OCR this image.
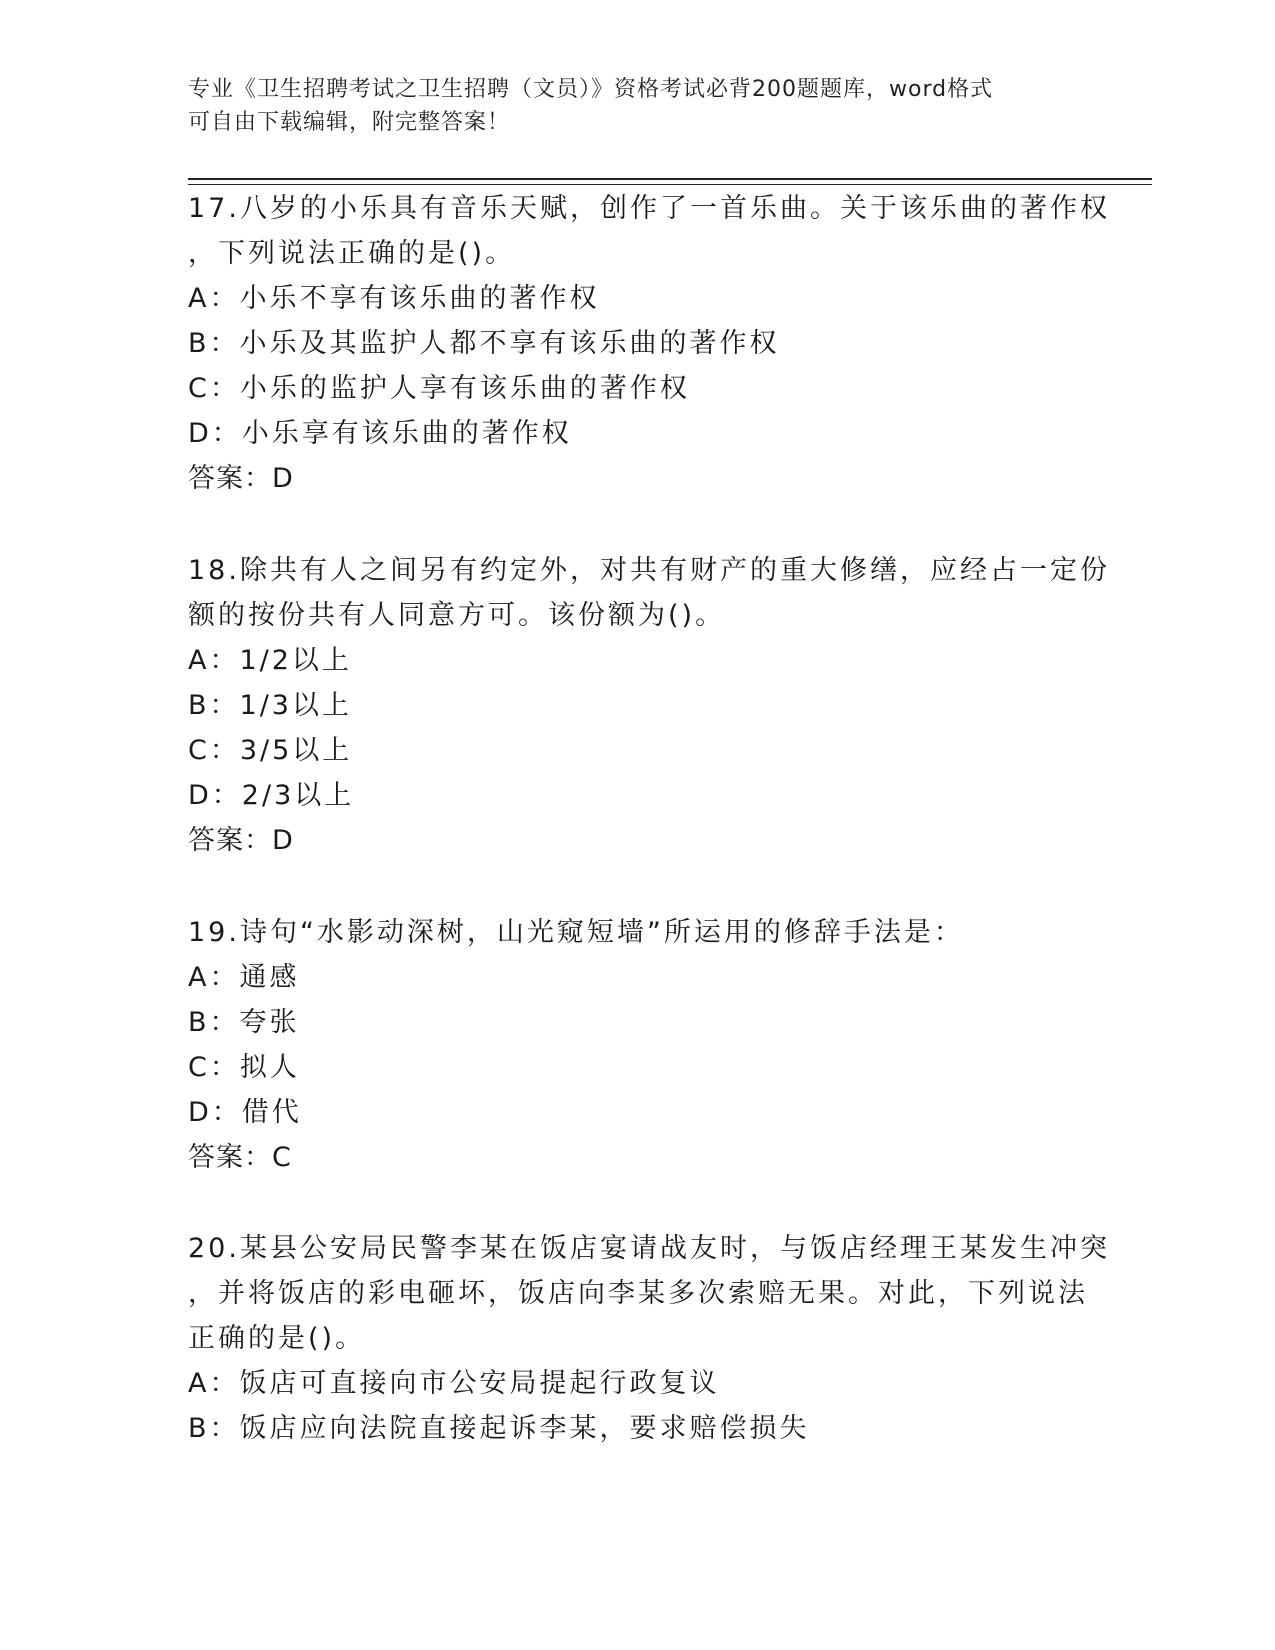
专业《卫生招聘考试之卫生招聘（文员）》资格考试必背200题题库，word格式
可自由下载编辑，附完整答案！
17.八岁的小乐具有音乐天赋，创作了一首乐曲。关于该乐曲的著作权
，下列说法正确的是()。
A：小乐不享有该乐曲的著作权
B：小乐及其监护人都不享有该乐曲的著作权
C：小乐的监护人享有该乐曲的著作权
D：小乐享有该乐曲的著作权
答案：D
18.除共有人之间另有约定外，对共有财产的重大修缮，应经占一定份
额的按份共有人同意方可。该份额为()。
A：1/2以上
B：1/3以上
C：3/5以上
D：2/3以上
答案：D
19.诗句“水影动深树，山光窥短墙”所运用的修辞手法是：
A：通感
B：夸张
C：拟人
D：借代
答案：C
20.某县公安局民警李某在饭店宴请战友时，与饭店经理王某发生冲突
，并将饭店的彩电砸坏，饭店向李某多次索赔无果。对此，下列说法
正确的是()。
A：饭店可直接向市公安局提起行政复议
B：饭店应向法院直接起诉李某，要求赔偿损失
